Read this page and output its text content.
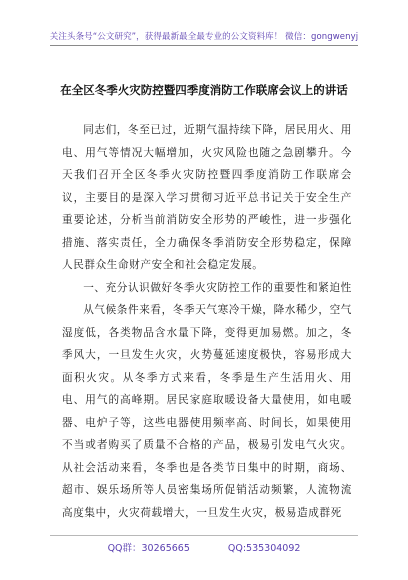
关注头条号“公文研究”，获得最新最全最专业的公文资料库！ 微信：gongwenyj
在全区冬季火灾防控暨四季度消防工作联席会议上的讲话

同志们，冬至已过，近期气温持续下降，居民用火、用电、用气等情况大幅增加，火灾风险也随之急剧攀升。今天我们召开全区冬季火灾防控暨四季度消防工作联席会议，主要目的是深入学习贯彻习近平总书记关于安全生产重要论述，分析当前消防安全形势的严峻性，进一步强化措施、落实责任，全力确保冬季消防安全形势稳定，保障人民群众生命财产安全和社会稳定发展。

一、充分认识做好冬季火灾防控工作的重要性和紧迫性

从气候条件来看，冬季天气寒冷干燥，降水稀少，空气湿度低，各类物品含水量下降，变得更加易燃。加之，冬季风大，一旦发生火灾，火势蔓延速度极快，容易形成大面积火灾。从冬季方式来看，冬季是生产生活用火、用电、用气的高峰期。居民家庭取暖设备大量使用，如电暖器、电炉子等，这些电器使用频率高、时间长，如果使用不当或者购买了质量不合格的产品，极易引发电气火灾。从社会活动来看，冬季也是各类节日集中的时期，商场、超市、娱乐场所等人员密集场所促销活动频繁，人流物流高度集中，火灾荷载增大，一旦发生火灾，极易造成群死

QQ群：30265665	QQ:535304092
